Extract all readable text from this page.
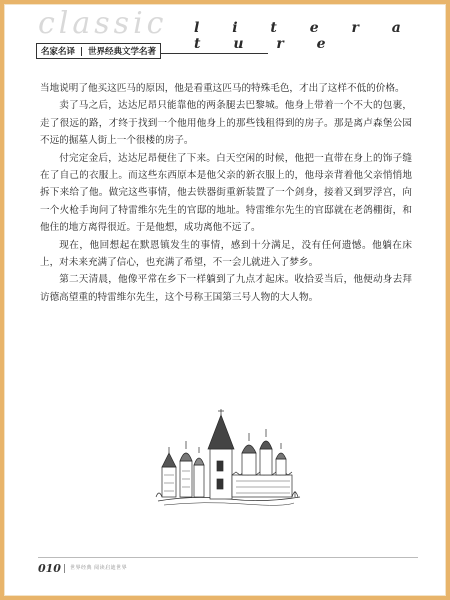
classic l i t e r a t u r e
名家名译 世界经典文学名著

当地说明了他买这匹马的原因，他是看重这匹马的特殊毛色，才出了这样不低的价格。

卖了马之后，达达尼昂只能靠他的两条腿去巴黎城。他身上带着一个不大的包裹，走了很远的路，才终于找到一个他用他身上的那些钱租得到的房子。那是离卢森堡公园不远的掘墓人街上一个很楼的房子。

付完定金后，达达尼昂便住了下来。白天空闲的时候，他把一直带在身上的饰子缝在了自己的衣服上。而这些东西原本是他父亲的新衣服上的，他母亲背着他父亲悄悄地拆下来给了他。做完这些事情，他去铁器街重新装置了一个剑身，接着又到罗浮宫，向一个火枪手询问了特雷维尔先生的官邸的地址。特雷维尔先生的官邸就在老鸽棚街，和他住的地方离得很近。于是他想，成功离他不远了。

现在，他回想起在默恩镇发生的事情，感到十分满足，没有任何遗憾。他躺在床上，对未来充满了信心，也充满了希望，不一会儿就进入了梦乡。

第二天清晨，他像平常在乡下一样躺到了九点才起床。收拾妥当后，他便动身去拜访德高望重的特雷维尔先生，这个号称王国第三号人物的大人物。

010 世界经典 阅读启迪世界
